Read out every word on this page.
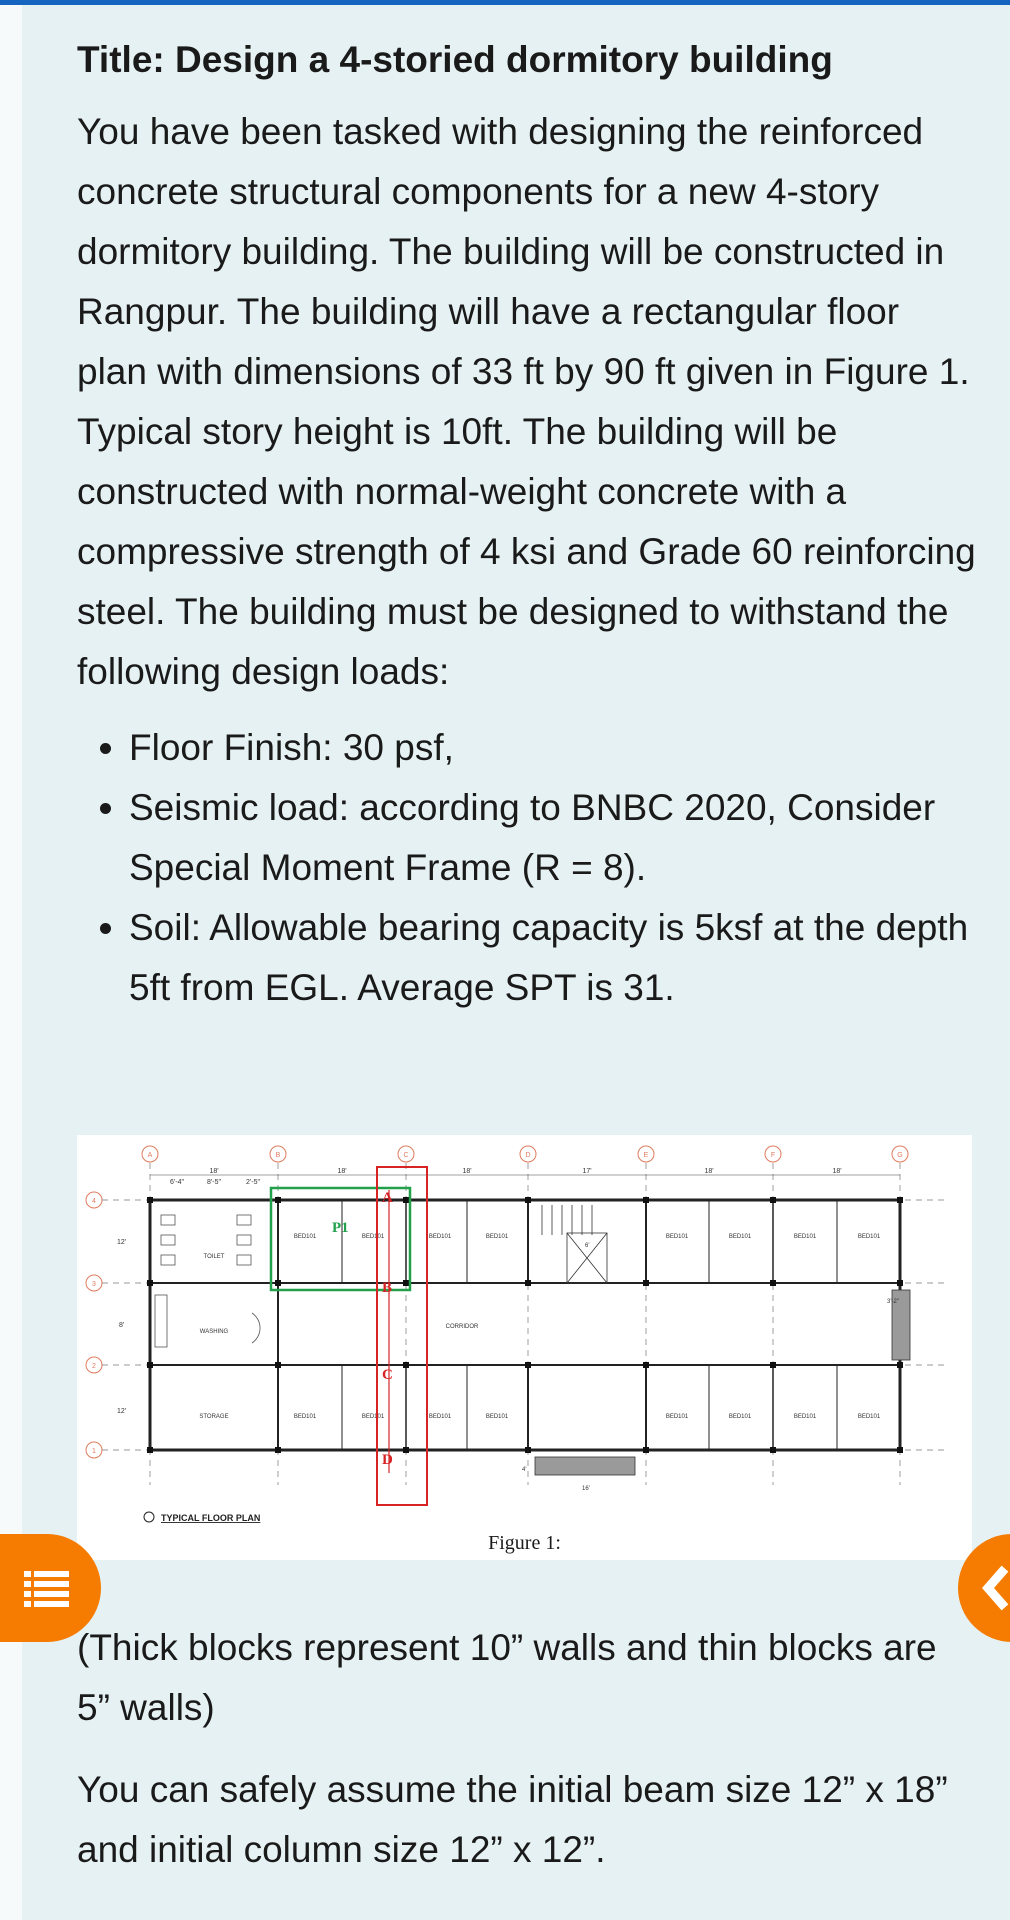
Title: Design a 4-storied dormitory building

You have been tasked with designing the reinforced concrete structural components for a new 4-story dormitory building. The building will be constructed in Rangpur. The building will have a rectangular floor plan with dimensions of 33 ft by 90 ft given in Figure 1. Typical story height is 10ft. The building will be constructed with normal-weight concrete with a compressive strength of 4 ksi and Grade 60 reinforcing steel. The building must be designed to withstand the following design loads:

• Floor Finish: 30 psf,
• Seismic load: according to BNBC 2020, Consider Special Moment Frame (R = 8).
• Soil: Allowable bearing capacity is 5ksf at the depth 5ft from EGL. Average SPT is 31.
A	B	C	D	E	F	G
4
3
2
1
18'	18'	18'	17'	18'	18'
6'-4"	8'-5"	2'-5"
12'
8'
12'
6'
BED101	BED101	BED101	BED101	BED101	BED101	BED101	BED101
BED101	BED101	BED101	BED101	BED101	BED101	BED101	BED101
TOILET
WASHING
STORAGE
CORRIDOR
16'
4'
3'-2"
P1
A
B
C
D
TYPICAL FLOOR PLAN
Figure 1:

(Thick blocks represent 10” walls and thin blocks are 5” walls)

You can safely assume the initial beam size 12” x 18” and initial column size 12” x 12”.
